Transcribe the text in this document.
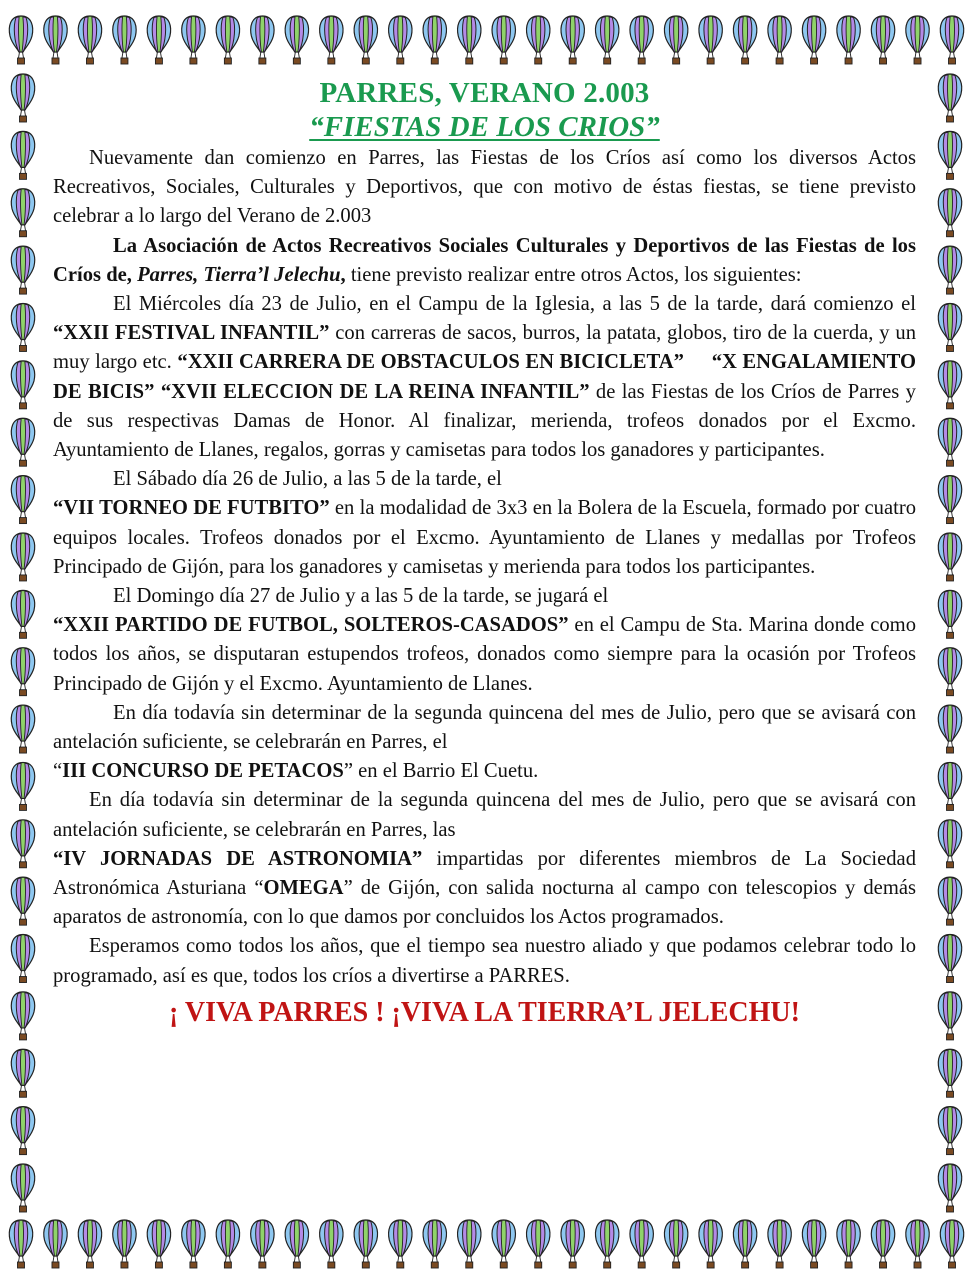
PARRES, VERANO 2.003

“FIESTAS DE LOS CRIOS”

Nuevamente dan comienzo en Parres, las Fiestas de los Críos así como los diversos Actos Recreativos, Sociales, Culturales y Deportivos, que con motivo de éstas fiestas, se tiene previsto celebrar a lo largo del Verano de 2.003

La Asociación de Actos Recreativos Sociales Culturales y Deportivos de las Fiestas de los Críos de, Parres, Tierra’l Jelechu, tiene previsto realizar entre otros Actos, los siguientes:

El Miércoles día 23 de Julio, en el Campu de la Iglesia, a las 5 de la tarde, dará comienzo el “XXII FESTIVAL INFANTIL” con carreras de sacos, burros, la patata, globos, tiro de la cuerda, y un muy largo etc. “XXII CARRERA DE OBSTACULOS EN BICICLETA” “X ENGALAMIENTO DE BICIS” “XVII ELECCION DE LA REINA INFANTIL” de las Fiestas de los Críos de Parres y de sus respectivas Damas de Honor. Al finalizar, merienda, trofeos donados por el Excmo. Ayuntamiento de Llanes, regalos, gorras y camisetas para todos los ganadores y participantes.

El Sábado día 26 de Julio, a las 5 de la tarde, el

“VII TORNEO DE FUTBITO” en la modalidad de 3x3 en la Bolera de la Escuela, formado por cuatro equipos locales. Trofeos donados por el Excmo. Ayuntamiento de Llanes y medallas por Trofeos Principado de Gijón, para los ganadores y camisetas y merienda para todos los participantes.

El Domingo día 27 de Julio y a las 5 de la tarde, se jugará el

“XXII PARTIDO DE FUTBOL, SOLTEROS-CASADOS” en el Campu de Sta. Marina donde como todos los años, se disputaran estupendos trofeos, donados como siempre para la ocasión por Trofeos Principado de Gijón y el Excmo. Ayuntamiento de Llanes.

En día todavía sin determinar de la segunda quincena del mes de Julio, pero que se avisará con antelación suficiente, se celebrarán en Parres, el

“III CONCURSO DE PETACOS” en el Barrio El Cuetu.

En día todavía sin determinar de la segunda quincena del mes de Julio, pero que se avisará con antelación suficiente, se celebrarán en Parres, las

“IV JORNADAS DE ASTRONOMIA” impartidas por diferentes miembros de La Sociedad Astronómica Asturiana “OMEGA” de Gijón, con salida nocturna al campo con telescopios y demás aparatos de astronomía, con lo que damos por concluidos los Actos programados.

Esperamos como todos los años, que el tiempo sea nuestro aliado y que podamos celebrar todo lo programado, así es que, todos los críos a divertirse a PARRES.

¡ VIVA PARRES ! ¡VIVA LA TIERRA’L JELECHU!
